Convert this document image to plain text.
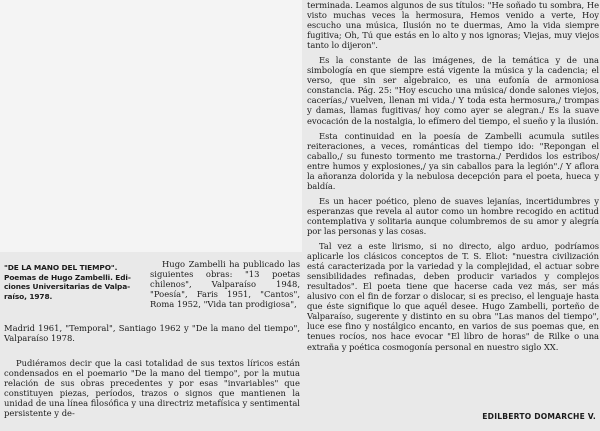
terminada. Leamos algunos de sus títulos: "He soñado tu sombra, He visto muchas veces la hermosura, Hemos venido a verte, Hoy escucho una música, Ilusión no te duermas, Amo la vida siempre fugitiva; Oh, Tú que estás en lo alto y nos ignoras; Viejas, muy viejos tanto lo dijeron".

Es la constante de las imágenes, de la temática y de una simbología en que siempre está vigente la música y la cadencia; el verso, que sin ser algebraico, es una eufonía de armoniosa constancia. Pág. 25: "Hoy escucho una música/ donde salones viejos, cacerías,/ vuelven, llenan mi vida./ Y toda esta hermosura,/ trompas y damas, llamas fugitivas/ hoy como ayer se alegran./ Es la suave evocación de la nostalgia, lo efímero del tiempo, el sueño y la ilusión.

Esta continuidad en la poesía de Zambelli acumula sutiles reiteraciones, a veces, románticas del tiempo ido: "Repongan el caballo,/ su funesto tormento me trastorna./ Perdidos los estribos/ entre humos y explosiones,/ ya sin caballos para la legión"./ Y aflora la añoranza dolorida y la nebulosa decepción para el poeta, hueca y baldía.

Es un hacer poético, pleno de suaves lejanías, incertidumbres y esperanzas que revela al autor como un hombre recogido en actitud contemplativa y solitaria aunque columbremos de su amor y alegría por las personas y las cosas.

Tal vez a este lirismo, si no directo, algo arduo, podríamos aplicarle los clásicos conceptos de T. S. Eliot: "nuestra civilización está caracterizada por la variedad y la complejidad, el actuar sobre sensibilidades refinadas, deben producir variados y complejos resultados". El poeta tiene que hacerse cada vez más, ser más alusivo con el fin de forzar o dislocar, si es preciso, el lenguaje hasta que éste signifique lo que aquél desee. Hugo Zambelli, porteño de Valparaíso, sugerente y distinto en su obra "Las manos del tiempo", luce ese fino y nostálgico encanto, en varios de sus poemas que, en tenues rocíos, nos hace evocar "El libro de horas" de Rilke o una extraña y poética cosmogonía personal en nuestro siglo XX.

"DE LA MANO DEL TIEMPO".
Poemas de Hugo Zambelli. Edi-
ciones Universitarias de Valpa-
raíso, 1978.

Hugo Zambelli ha publicado las siguientes obras: "13 poetas chilenos", Valparaíso 1948, "Poesía", Faris 1951, "Cantos", Roma 1952, "Vida tan prodigiosa",

Madrid 1961, "Temporal", Santiago 1962 y "De la mano del tiempo", Valparaíso 1978.

Pudiéramos decir que la casi totalidad de sus textos líricos están condensados en el poemario "De la mano del tiempo", por la mutua relación de sus obras precedentes y por esas "invariables" que constituyen piezas, períodos, trazos o signos que mantienen la unidad de una línea filosófica y una directriz metafísica y sentimental persistente y de-	EDILBERTO DOMARCHE V.
